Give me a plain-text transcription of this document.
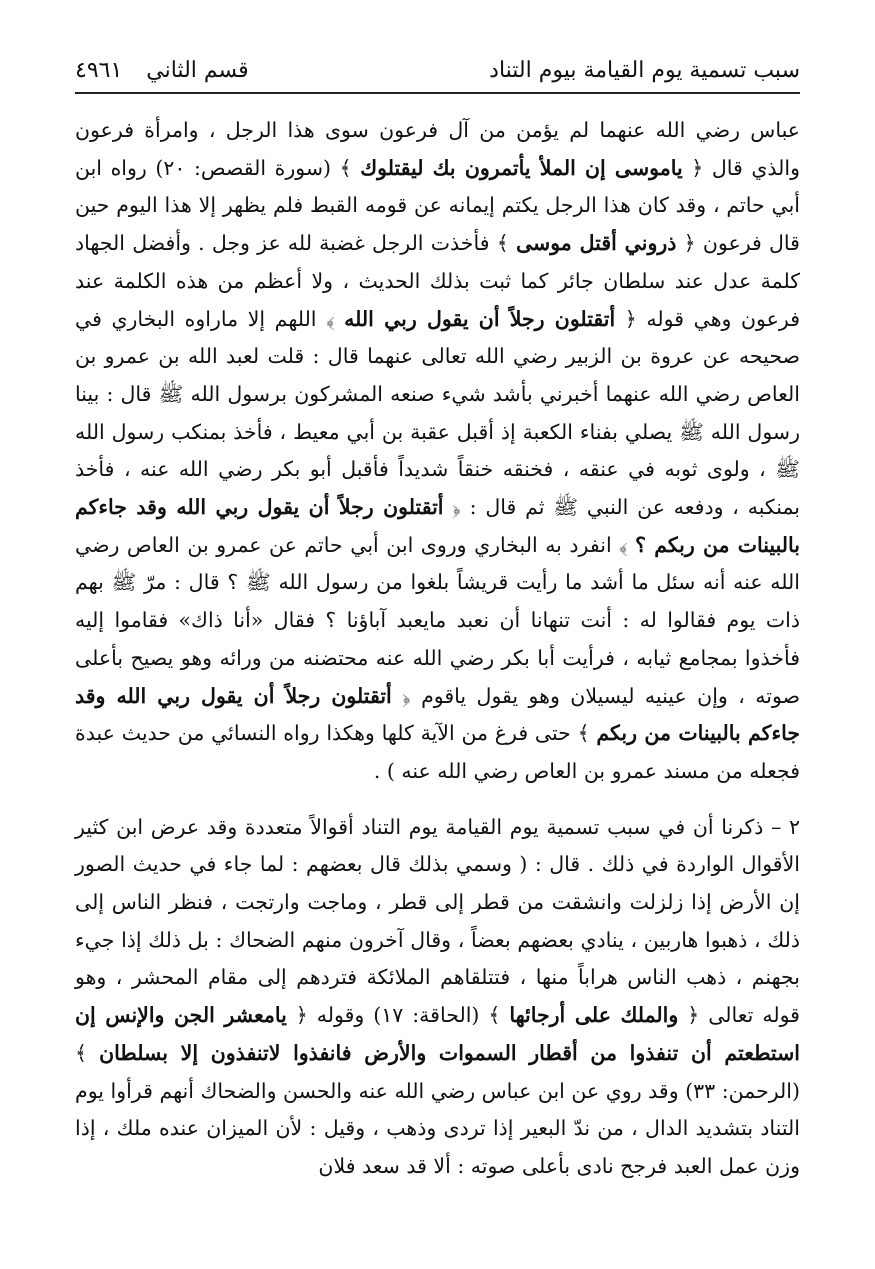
سبب تسمية يوم القيامة بيوم التناد
قسم الثاني
٤٩٦١

عباس رضي الله عنهما لم يؤمن من آل فرعون سوى هذا الرجل ، وامرأة فرعون والذي قال ﴿ ياموسى إن الملأ يأتمرون بك ليقتلوك ﴾ (سورة القصص: ٢٠) رواه ابن أبي حاتم ، وقد كان هذا الرجل يكتم إيمانه عن قومه القبط فلم يظهر إلا هذا اليوم حين قال فرعون ﴿ ذروني أقتل موسى ﴾ فأخذت الرجل غضبة لله عز وجل . وأفضل الجهاد كلمة عدل عند سلطان جائر كما ثبت بذلك الحديث ، ولا أعظم من هذه الكلمة عند فرعون وهي قوله ﴿ أتقتلون رجلاً أن يقول ربي الله ﴾ اللهم إلا ماراوه البخاري في صحيحه عن عروة بن الزبير رضي الله تعالى عنهما قال : قلت لعبد الله بن عمرو بن العاص رضي الله عنهما أخبرني بأشد شيء صنعه المشركون برسول الله ﷺ قال : بينا رسول الله ﷺ يصلي بفناء الكعبة إذ أقبل عقبة بن أبي معيط ، فأخذ بمنكب رسول الله ﷺ ، ولوى ثوبه في عنقه ، فخنقه خنقاً شديداً فأقبل أبو بكر رضي الله عنه ، فأخذ بمنكبه ، ودفعه عن النبي ﷺ ثم قال : ﴿ أتقتلون رجلاً أن يقول ربي الله وقد جاءكم بالبينات من ربكم ؟ ﴾ انفرد به البخاري وروى ابن أبي حاتم عن عمرو بن العاص رضي الله عنه أنه سئل ما أشد ما رأيت قريشاً بلغوا من رسول الله ﷺ ؟ قال : مرّ ﷺ بهم ذات يوم فقالوا له : أنت تنهانا أن نعبد مايعبد آباؤنا ؟ فقال «أنا ذاك» فقاموا إليه فأخذوا بمجامع ثيابه ، فرأيت أبا بكر رضي الله عنه محتضنه من ورائه وهو يصيح بأعلى صوته ، وإن عينيه ليسيلان وهو يقول ياقوم ﴿ أتقتلون رجلاً أن يقول ربي الله وقد جاءكم بالبينات من ربكم ﴾ حتى فرغ من الآية كلها وهكذا رواه النسائي من حديث عبدة فجعله من مسند عمرو بن العاص رضي الله عنه ) .

٢ – ذكرنا أن في سبب تسمية يوم القيامة يوم التناد أقوالاً متعددة وقد عرض ابن كثير الأقوال الواردة في ذلك . قال : ( وسمي بذلك قال بعضهم : لما جاء في حديث الصور إن الأرض إذا زلزلت وانشقت من قطر إلى قطر ، وماجت وارتجت ، فنظر الناس إلى ذلك ، ذهبوا هاربين ، ينادي بعضهم بعضاً ، وقال آخرون منهم الضحاك : بل ذلك إذا جيء بجهنم ، ذهب الناس هراباً منها ، فتتلقاهم الملائكة فتردهم إلى مقام المحشر ، وهو قوله تعالى ﴿ والملك على أرجائها ﴾ (الحاقة: ١٧) وقوله ﴿ يامعشر الجن والإنس إن استطعتم أن تنفذوا من أقطار السموات والأرض فانفذوا لاتنفذون إلا بسلطان ﴾ (الرحمن: ٣٣) وقد روي عن ابن عباس رضي الله عنه والحسن والضحاك أنهم قرأوا يوم التناد بتشديد الدال ، من ندّ البعير إذا تردى وذهب ، وقيل : لأن الميزان عنده ملك ، إذا وزن عمل العبد فرجح نادى بأعلى صوته : ألا قد سعد فلان
